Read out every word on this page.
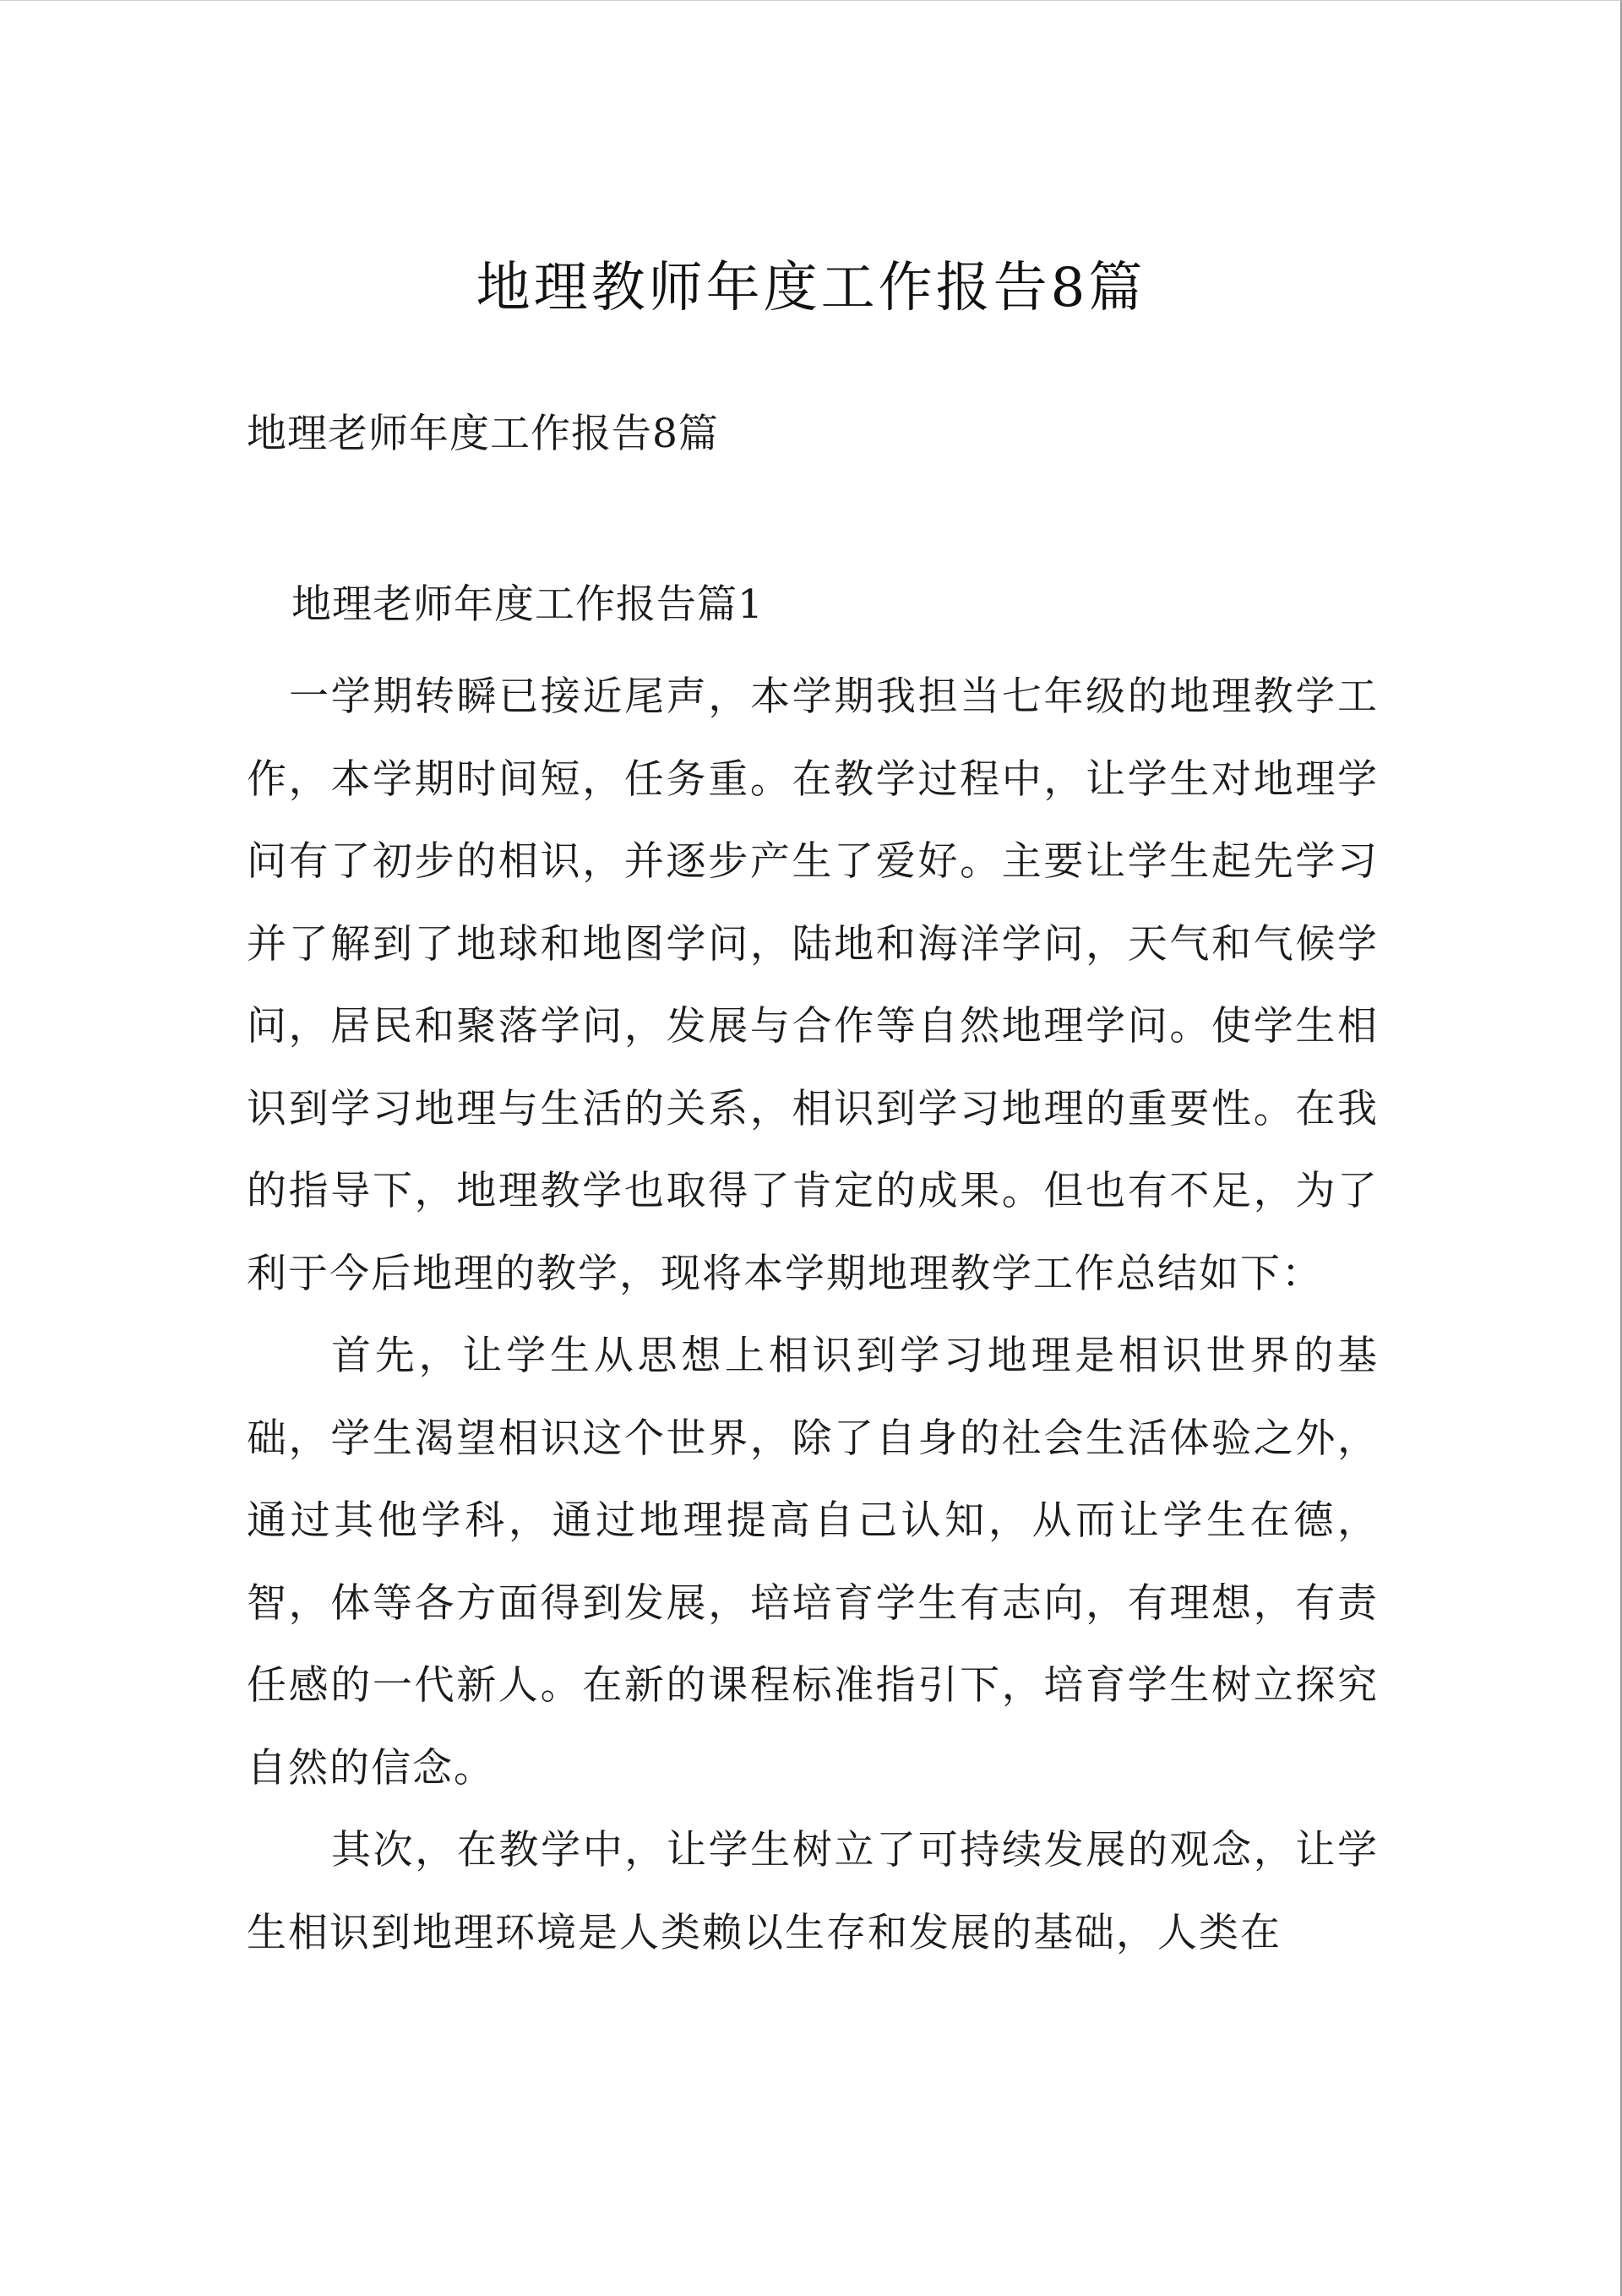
地理教师年度工作报告8篇

地理老师年度工作报告8篇

地理老师年度工作报告篇1

一学期转瞬已接近尾声，本学期我担当七年级的地理教学工作，本学期时间短，任务重。在教学过程中，让学生对地理学问有了初步的相识，并逐步产生了爱好。主要让学生起先学习并了解到了地球和地图学问，陆地和海洋学问，天气和气候学问，居民和聚落学问，发展与合作等自然地理学问。使学生相识到学习地理与生活的关系，相识到学习地理的重要性。在我的指导下，地理教学也取得了肯定的成果。但也有不足，为了利于今后地理的教学，现将本学期地理教学工作总结如下：

首先，让学生从思想上相识到学习地理是相识世界的基础，学生渴望相识这个世界，除了自身的社会生活体验之外，通过其他学科，通过地理提高自己认知，从而让学生在德，智，体等各方面得到发展，培培育学生有志向，有理想，有责任感的一代新人。在新的课程标准指引下，培育学生树立探究自然的信念。

其次，在教学中，让学生树立了可持续发展的观念，让学生相识到地理环境是人类赖以生存和发展的基础，人类在
